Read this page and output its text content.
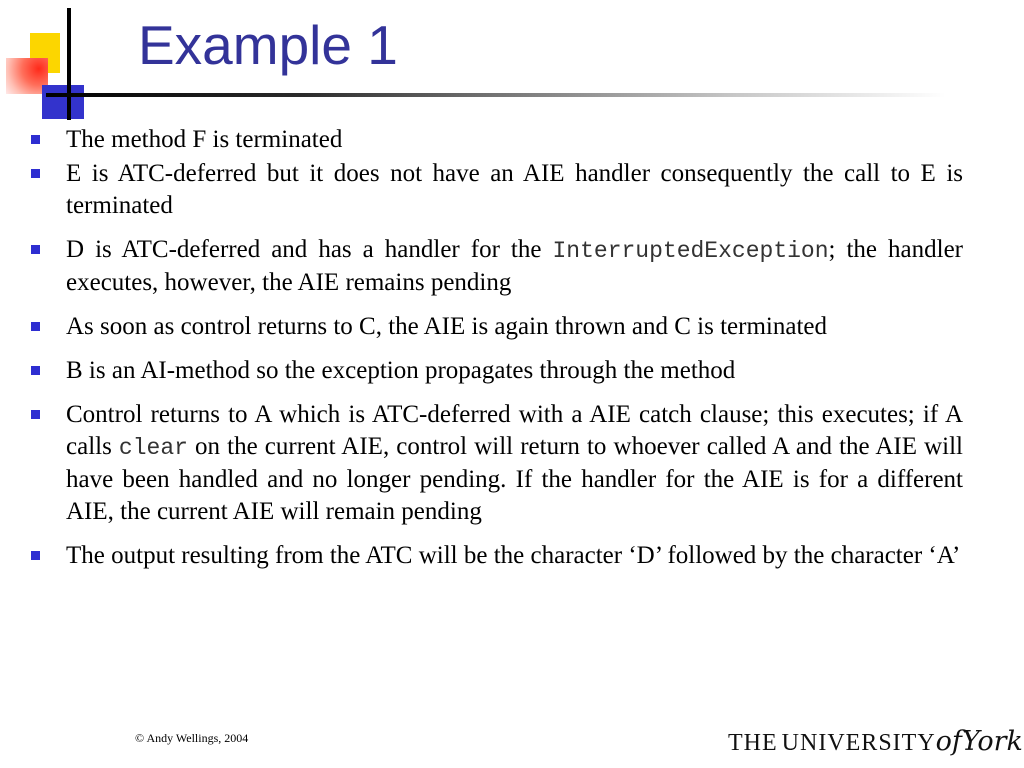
Example 1
The method F is terminated
E is ATC-deferred but it does not have an AIE handler consequently the call to E is terminated
D is ATC-deferred and has a handler for the InterruptedException; the handler executes, however, the AIE remains pending
As soon as control returns to C, the AIE is again thrown and C is terminated
B is an AI-method so the exception propagates through the method
Control returns to A which is ATC-deferred with a AIE catch clause; this executes; if A calls clear on the current AIE, control will return to whoever called A and the AIE will have been handled and no longer pending. If the handler for the AIE is for a different AIE, the current AIE will remain pending
The output resulting from the ATC will be the character ‘D’ followed by the character ‘A’
© Andy Wellings, 2004	THE UNIVERSITYofYork
